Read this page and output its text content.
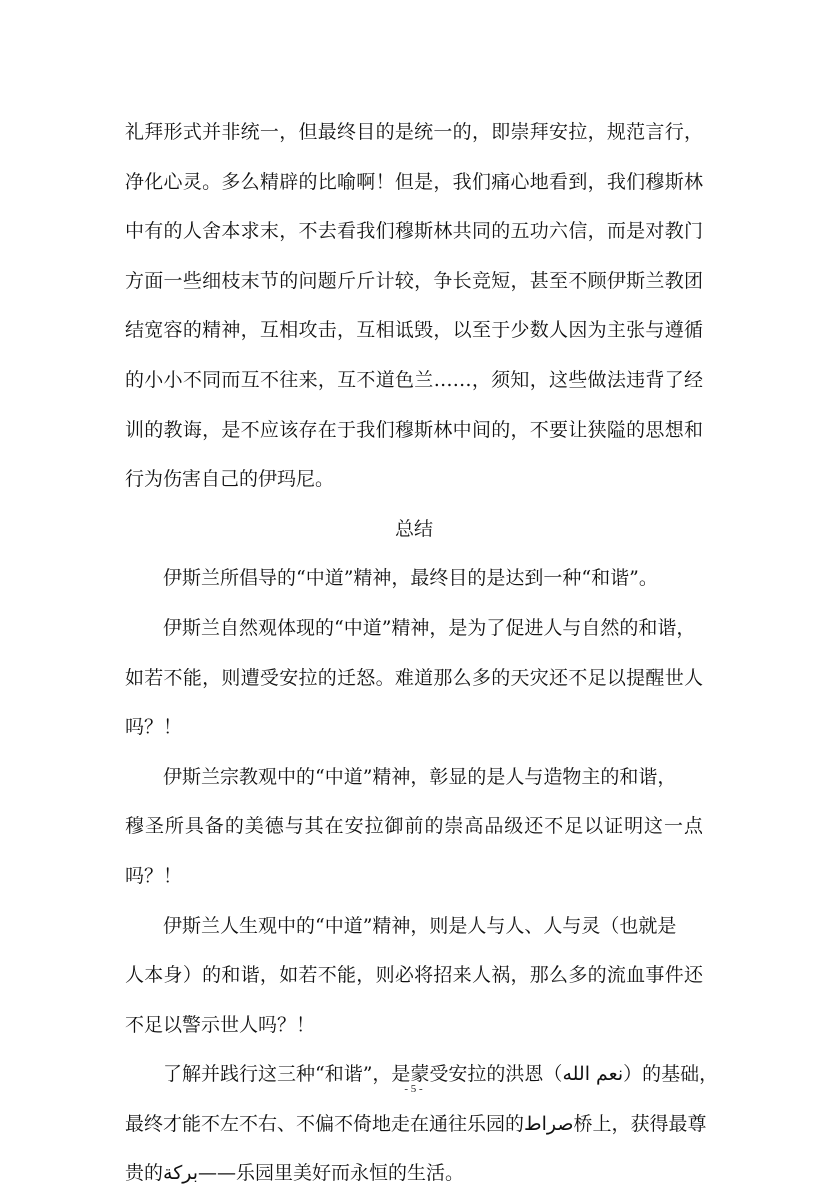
礼拜形式并非统一，但最终目的是统一的，即崇拜安拉，规范言行，
净化心灵。多么精辟的比喻啊！但是，我们痛心地看到，我们穆斯林
中有的人舍本求末，不去看我们穆斯林共同的五功六信，而是对教门
方面一些细枝末节的问题斤斤计较，争长竞短，甚至不顾伊斯兰教团
结宽容的精神，互相攻击，互相诋毁，以至于少数人因为主张与遵循
的小小不同而互不往来，互不道色兰……，须知，这些做法违背了经
训的教诲，是不应该存在于我们穆斯林中间的，不要让狭隘的思想和
行为伤害自己的伊玛尼。
总结
伊斯兰所倡导的“中道”精神，最终目的是达到一种“和谐”。
伊斯兰自然观体现的“中道”精神，是为了促进人与自然的和谐，
如若不能，则遭受安拉的迁怒。难道那么多的天灾还不足以提醒世人
吗？！
伊斯兰宗教观中的“中道”精神，彰显的是人与造物主的和谐，
穆圣所具备的美德与其在安拉御前的崇高品级还不足以证明这一点
吗？！
伊斯兰人生观中的“中道”精神，则是人与人、人与灵（也就是
人本身）的和谐，如若不能，则必将招来人祸，那么多的流血事件还
不足以警示世人吗？！
了解并践行这三种“和谐”，是蒙受安拉的洪恩（نعم الله）的基础，
最终才能不左不右、不偏不倚地走在通往乐园的صراط桥上，获得最尊
贵的بركة——乐园里美好而永恒的生活。
- 5 -
